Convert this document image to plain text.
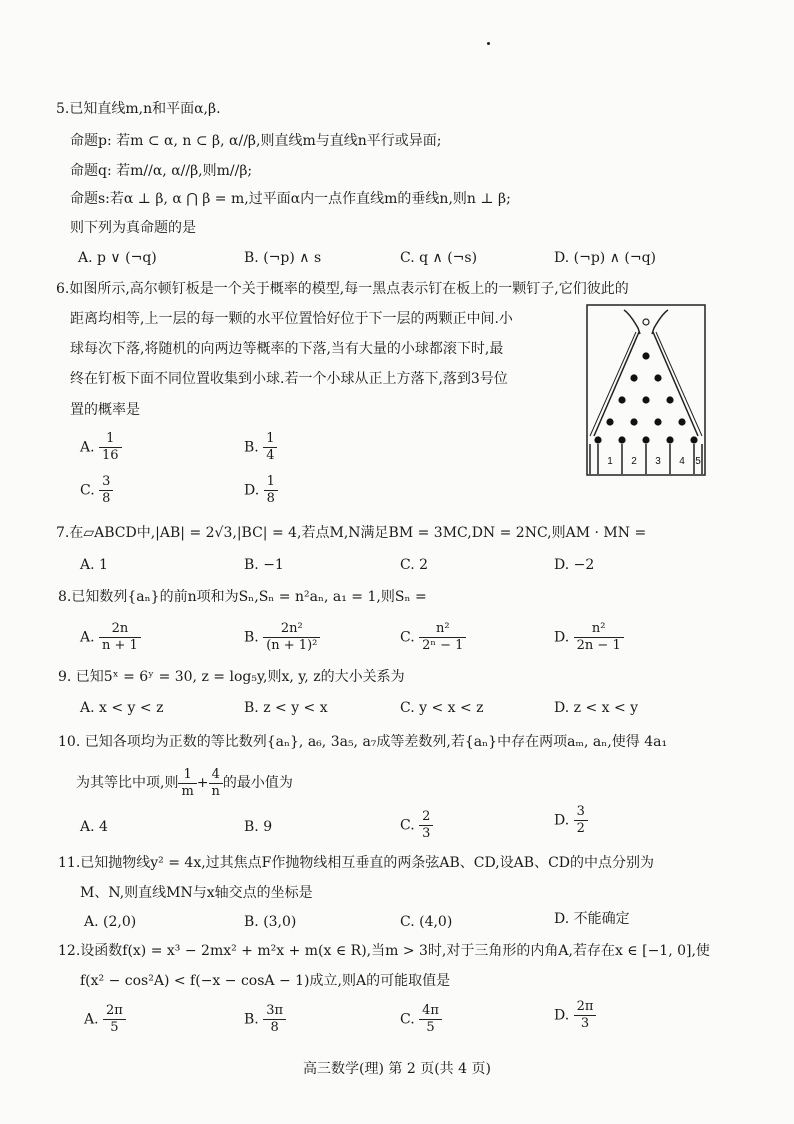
5.已知直线m,n和平面α,β.
命题p: 若m ⊂ α, n ⊂ β, α//β,则直线m与直线n平行或异面;
命题q: 若m//α, α//β,则m//β;
命题s:若α ⊥ β, α ⋂ β = m,过平面α内一点作直线m的垂线n,则n ⊥ β;
则下列为真命题的是
A. p ∨ (¬q)	B. (¬p) ∧ s	C. q ∧ (¬s)	D. (¬p) ∧ (¬q)
6.如图所示,高尔顿钉板是一个关于概率的模型,每一黑点表示钉在板上的一颗钉子,它们彼此的
距离均相等,上一层的每一颗的水平位置恰好位于下一层的两颗正中间.小
球每次下落,将随机的向两边等概率的下落,当有大量的小球都滚下时,最
终在钉板下面不同位置收集到小球.若一个小球从正上方落下,落到3号位
置的概率是
A. $\frac{1}{16}$	B. $\frac{1}{4}$
C. $\frac{3}{8}$	D. $\frac{1}{8}$
1 2 3 4 5
7.在▱ABCD中,|AB| = 2√3,|BC| = 4,若点M,N满足BM = 3MC,DN = 2NC,则AM · MN =
A. 1	B. −1	C. 2	D. −2
8.已知数列{aₙ}的前n项和为Sₙ,Sₙ = n²aₙ, a₁ = 1,则Sₙ =
A. $\frac{2n}{n + 1}$	B. $\frac{\text{2n²}}{\text{(n + 1)²}}$	C. $\frac{\text{n²}}{\text{2ⁿ − 1}}$	D. $\frac{\text{n²}}{2n - 1}$
9. 已知5ˣ = 6ʸ = 30, z = log₅y,则x, y, z的大小关系为
A. x < y < z	B. z < y < x	C. y < x < z	D. z < x < y
10. 已知各项均为正数的等比数列{aₙ}, a₆, 3a₅, a₇成等差数列,若{aₙ}中存在两项aₘ, aₙ,使得 4a₁
为其等比中项,则 $\frac{1}{m} + \frac{4}{n}$ 的最小值为
A. 4	B. 9	C. $\frac{2}{3}$	D. $\frac{3}{2}$
11.已知抛物线y² = 4x,过其焦点F作抛物线相互垂直的两条弦AB、CD,设AB、CD的中点分别为
M、N,则直线MN与x轴交点的坐标是
A. (2,0)	B. (3,0)	C. (4,0)	D. 不能确定
12.设函数f(x) = x³ − 2mx² + m²x + m(x ∈ R),当m > 3时,对于三角形的内角A,若存在x ∈ [−1, 0],使
f(x² − cos²A) < f(−x − cosA − 1)成立,则A的可能取值是
A. $\frac{2\pi}{5}$	B. $\frac{3\pi}{8}$	C. $\frac{4\pi}{5}$	D. $\frac{2\pi}{3}$
高三数学(理) 第 2 页(共 4 页)
